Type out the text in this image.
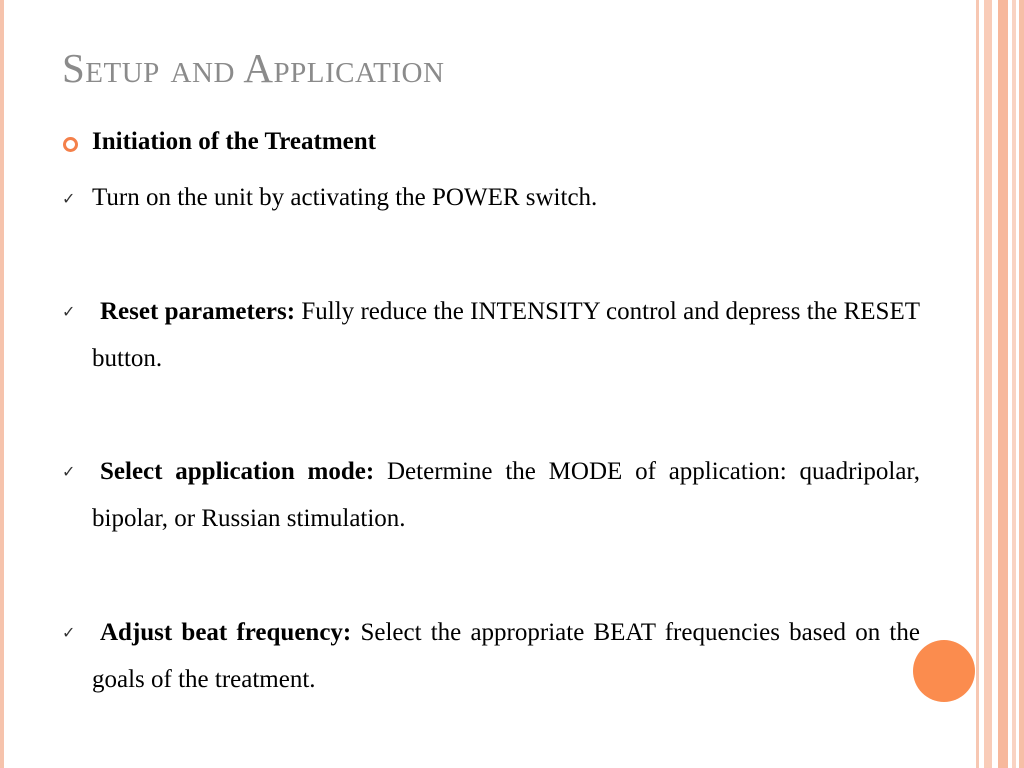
Setup and Application
Initiation of the Treatment
✓ Turn on the unit by activating the POWER switch.
✓ Reset parameters: Fully reduce the INTENSITY control and depress the RESET button.
✓ Select application mode: Determine the MODE of application: quadripolar, bipolar, or Russian stimulation.
✓ Adjust beat frequency: Select the appropriate BEAT frequencies based on the goals of the treatment.
